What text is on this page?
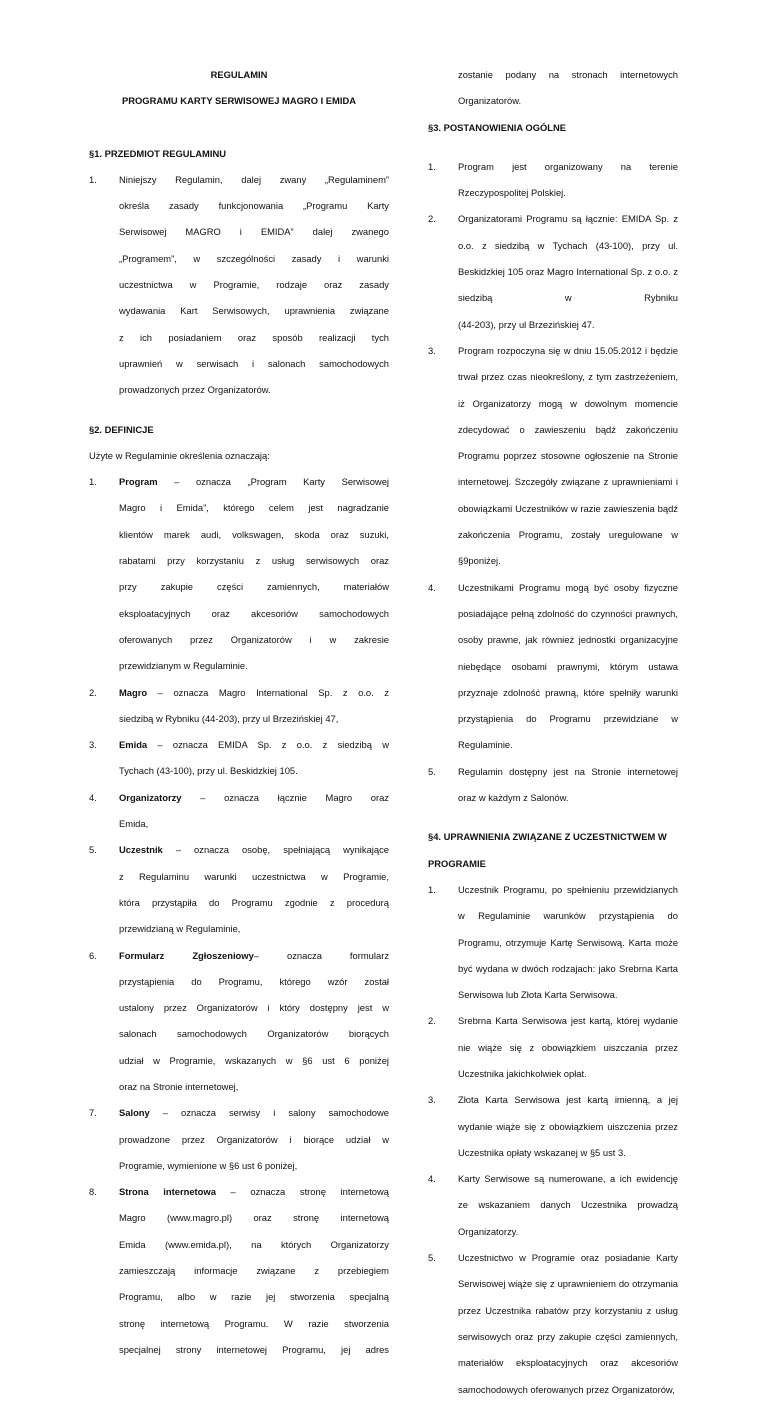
REGULAMIN
PROGRAMU KARTY SERWISOWEJ MAGRO I EMIDA
§1. PRZEDMIOT REGULAMINU
1. Niniejszy Regulamin, dalej zwany „Regulaminem”
określa zasady funkcjonowania „Programu Karty
Serwisowej MAGRO i EMIDA” dalej zwanego
„Programem”, w szczególności zasady i warunki
uczestnictwa w Programie, rodzaje oraz zasady
wydawania Kart Serwisowych, uprawnienia związane
z ich posiadaniem oraz sposób realizacji tych
uprawnień w serwisach i salonach samochodowych
prowadzonych przez Organizatorów.
§2. DEFINICJE
Użyte w Regulaminie określenia oznaczają:
1. Program – oznacza „Program Karty Serwisowej
Magro i Emida”, którego celem jest nagradzanie
klientów marek audi, volkswagen, skoda oraz suzuki,
rabatami przy korzystaniu z usług serwisowych oraz
przy zakupie części zamiennych, materiałów
eksploatacyjnych oraz akcesoriów samochodowych
oferowanych przez Organizatorów i w zakresie
przewidzianym w Regulaminie.
2. Magro – oznacza Magro International Sp. z o.o. z
siedzibą w Rybniku (44-203), przy ul Brzezińskiej 47,
3. Emida – oznacza EMIDA Sp. z o.o. z siedzibą w
Tychach (43-100), przy ul. Beskidzkiej 105.
4. Organizatorzy – oznacza łącznie Magro oraz
Emida,
5. Uczestnik – oznacza osobę, spełniającą wynikające
z Regulaminu warunki uczestnictwa w Programie,
która przystąpiła do Programu zgodnie z procedurą
przewidzianą w Regulaminie,
6. Formularz Zgłoszeniowy– oznacza formularz
przystąpienia do Programu, którego wzór został
ustalony przez Organizatorów i który dostępny jest w
salonach samochodowych Organizatorów biorących
udział w Programie, wskazanych w §6 ust 6 poniżej
oraz na Stronie internetowej,
7. Salony – oznacza serwisy i salony samochodowe
prowadzone przez Organizatorów i biorące udział w
Programie, wymienione w §6 ust 6 poniżej,
8. Strona internetowa – oznacza stronę internetową
Magro (www.magro.pl) oraz stronę internetową
Emida (www.emida.pl), na których Organizatorzy
zamieszczają informacje związane z przebiegiem
Programu, albo w razie jej stworzenia specjalną
stronę internetową Programu. W razie stworzenia
specjalnej strony internetowej Programu, jej adres
zostanie podany na stronach internetowych
Organizatorów.
§3. POSTANOWIENIA OGÓLNE
1. Program jest organizowany na terenie
Rzeczypospolitej Polskiej.
2. Organizatorami Programu są łącznie: EMIDA Sp. z
o.o. z siedzibą w Tychach (43-100), przy ul.
Beskidzkiej 105 oraz Magro International Sp. z o.o. z
siedzibą w Rybniku
(44-203), przy ul Brzezińskiej 47.
3. Program rozpoczyna się w dniu 15.05.2012 i będzie
trwał przez czas nieokreślony, z tym zastrzeżeniem,
iż Organizatorzy mogą w dowolnym momencie
zdecydować o zawieszeniu bądź zakończeniu
Programu poprzez stosowne ogłoszenie na Stronie
internetowej. Szczegóły związane z uprawnieniami i
obowiązkami Uczestników w razie zawieszenia bądź
zakończenia Programu, zostały uregulowane w
§9poniżej.
4. Uczestnikami Programu mogą być osoby fizyczne
posiadające pełną zdolność do czynności prawnych,
osoby prawne, jak również jednostki organizacyjne
niebędące osobami prawnymi, którym ustawa
przyznaje zdolność prawną, które spełniły warunki
przystąpienia do Programu przewidziane w
Regulaminie.
5. Regulamin dostępny jest na Stronie internetowej
oraz w każdym z Salonów.
§4. UPRAWNIENIA ZWIĄZANE Z UCZESTNICTWEM W
PROGRAMIE
1. Uczestnik Programu, po spełnieniu przewidzianych
w Regulaminie warunków przystąpienia do
Programu, otrzymuje Kartę Serwisową. Karta może
być wydana w dwóch rodzajach: jako Srebrna Karta
Serwisowa lub Złota Karta Serwisowa.
2. Srebrna Karta Serwisowa jest kartą, której wydanie
nie wiąże się z obowiązkiem uiszczania przez
Uczestnika jakichkolwiek opłat.
3. Złota Karta Serwisowa jest kartą imienną, a jej
wydanie wiąże się z obowiązkiem uiszczenia przez
Uczestnika opłaty wskazanej w §5 ust 3.
4. Karty Serwisowe są numerowane, a ich ewidencję
ze wskazaniem danych Uczestnika prowadzą
Organizatorzy.
5. Uczestnictwo w Programie oraz posiadanie Karty
Serwisowej wiąże się z uprawnieniem do otrzymania
przez Uczestnika rabatów przy korzystaniu z usług
serwisowych oraz przy zakupie części zamiennych,
materiałów eksploatacyjnych oraz akcesoriów
samochodowych oferowanych przez Organizatorów,
